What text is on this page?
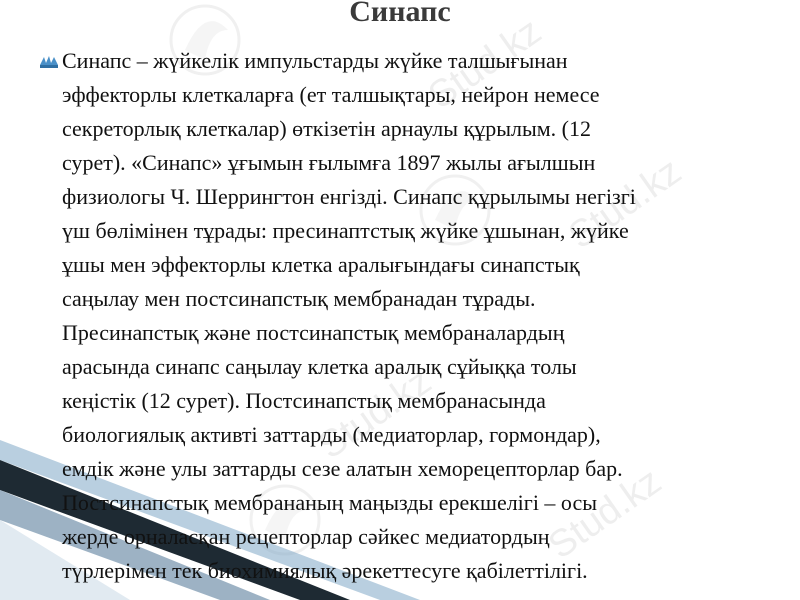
Stud.kz
Stud.kz
Stud.kz
Stud.kz
Синапс

Синапс – жүйкелік импульстарды жүйке талшығынан
эффекторлы клеткаларға (ет талшықтары, нейрон немесе
секреторлық клеткалар) өткізетін арнаулы құрылым. (12
сурет). «Синапс» ұғымын ғылымға 1897 жылы ағылшын
физиологы Ч. Шеррингтон енгізді. Синапс құрылымы негізгі
үш бөлімінен тұрады: пресинаптстық жүйке ұшынан, жүйке
ұшы мен эффекторлы клетка аралығындағы синапстық
саңылау мен постсинапстық мембранадан тұрады.
Пресинапстық және постсинапстық мембраналардың
арасында синапс саңылау клетка аралық сұйыққа толы
кеңістік (12 сурет). Постсинапстық мембранасында
биологиялық активті заттарды (медиаторлар, гормондар),
емдік және улы заттарды сезе алатын хеморецепторлар бар.
Постсинапстық мембрананың маңызды ерекшелігі – осы
жерде орналасқан рецепторлар сәйкес медиатордың
түрлерімен тек биохимиялық әрекеттесуге қабілеттілігі.
